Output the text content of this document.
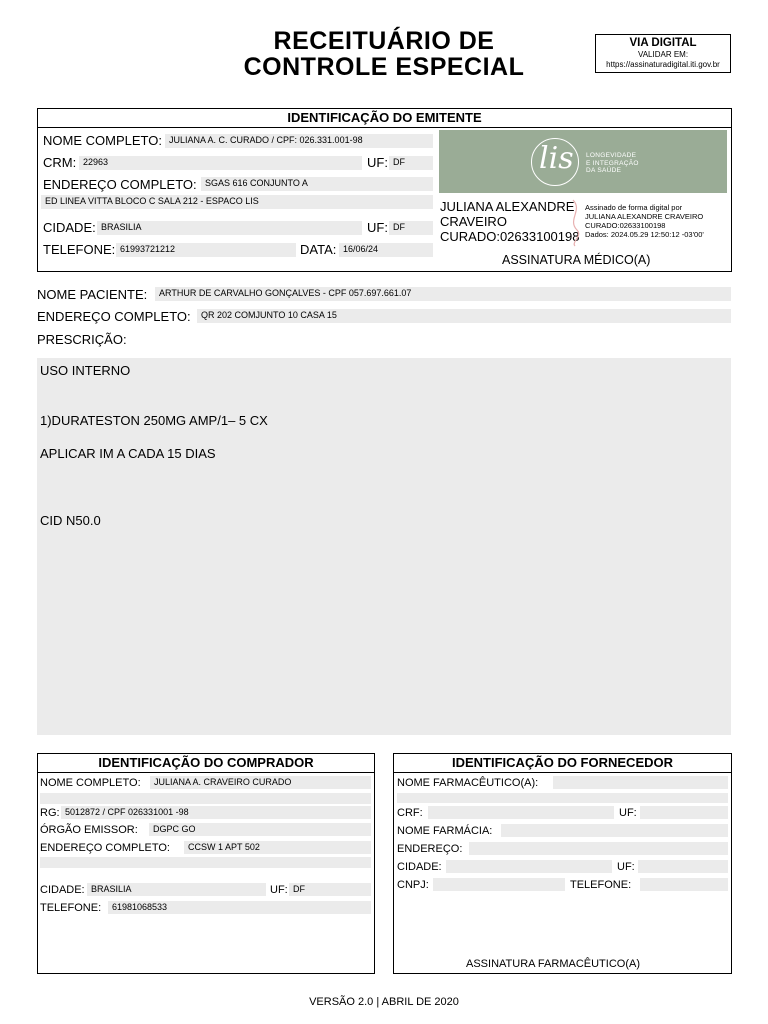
RECEITUÁRIO DE
CONTROLE ESPECIAL
VIA DIGITAL
VALIDAR EM:
https://assinaturadigital.iti.gov.br
IDENTIFICAÇÃO DO EMITENTE
NOME COMPLETO: JULIANA A. C. CURADO / CPF: 026.331.001-98
CRM: 22963	UF: DF
ENDEREÇO COMPLETO: SGAS 616 CONJUNTO A
ED LINEA VITTA BLOCO C SALA 212 - ESPACO LIS
CIDADE: BRASILIA	UF: DF
TELEFONE: 61993721212	DATA: 16/06/24
lis LONGEVIDADE
E INTEGRAÇÃO
DA SAÚDE
JULIANA ALEXANDRE
CRAVEIRO
CURADO:02633100198
Assinado de forma digital por
JULIANA ALEXANDRE CRAVEIRO
CURADO:02633100198
Dados: 2024.05.29 12:50:12 -03'00'
ASSINATURA MÉDICO(A)
NOME PACIENTE:	ARTHUR DE CARVALHO GONÇALVES - CPF 057.697.661.07
ENDEREÇO COMPLETO:	QR 202 COMJUNTO 10 CASA 15
PRESCRIÇÃO:
USO INTERNO
1)DURATESTON 250MG AMP/1– 5 CX
APLICAR IM A CADA 15 DIAS
CID N50.0
IDENTIFICAÇÃO DO COMPRADOR
NOME COMPLETO:	JULIANA A. CRAVEIRO CURADO
RG: 5012872 / CPF 026331001 -98
ÓRGÃO EMISSOR:	DGPC GO
ENDEREÇO COMPLETO:	CCSW 1 APT 502
CIDADE: BRASILIA	UF: DF
TELEFONE:	61981068533
IDENTIFICAÇÃO DO FORNECEDOR
NOME FARMACÊUTICO(A):
CRF:	UF:
NOME FARMÁCIA:
ENDEREÇO:
CIDADE:	UF:
CNPJ:	TELEFONE:
ASSINATURA FARMACÊUTICO(A)
VERSÃO 2.0 | ABRIL DE 2020
